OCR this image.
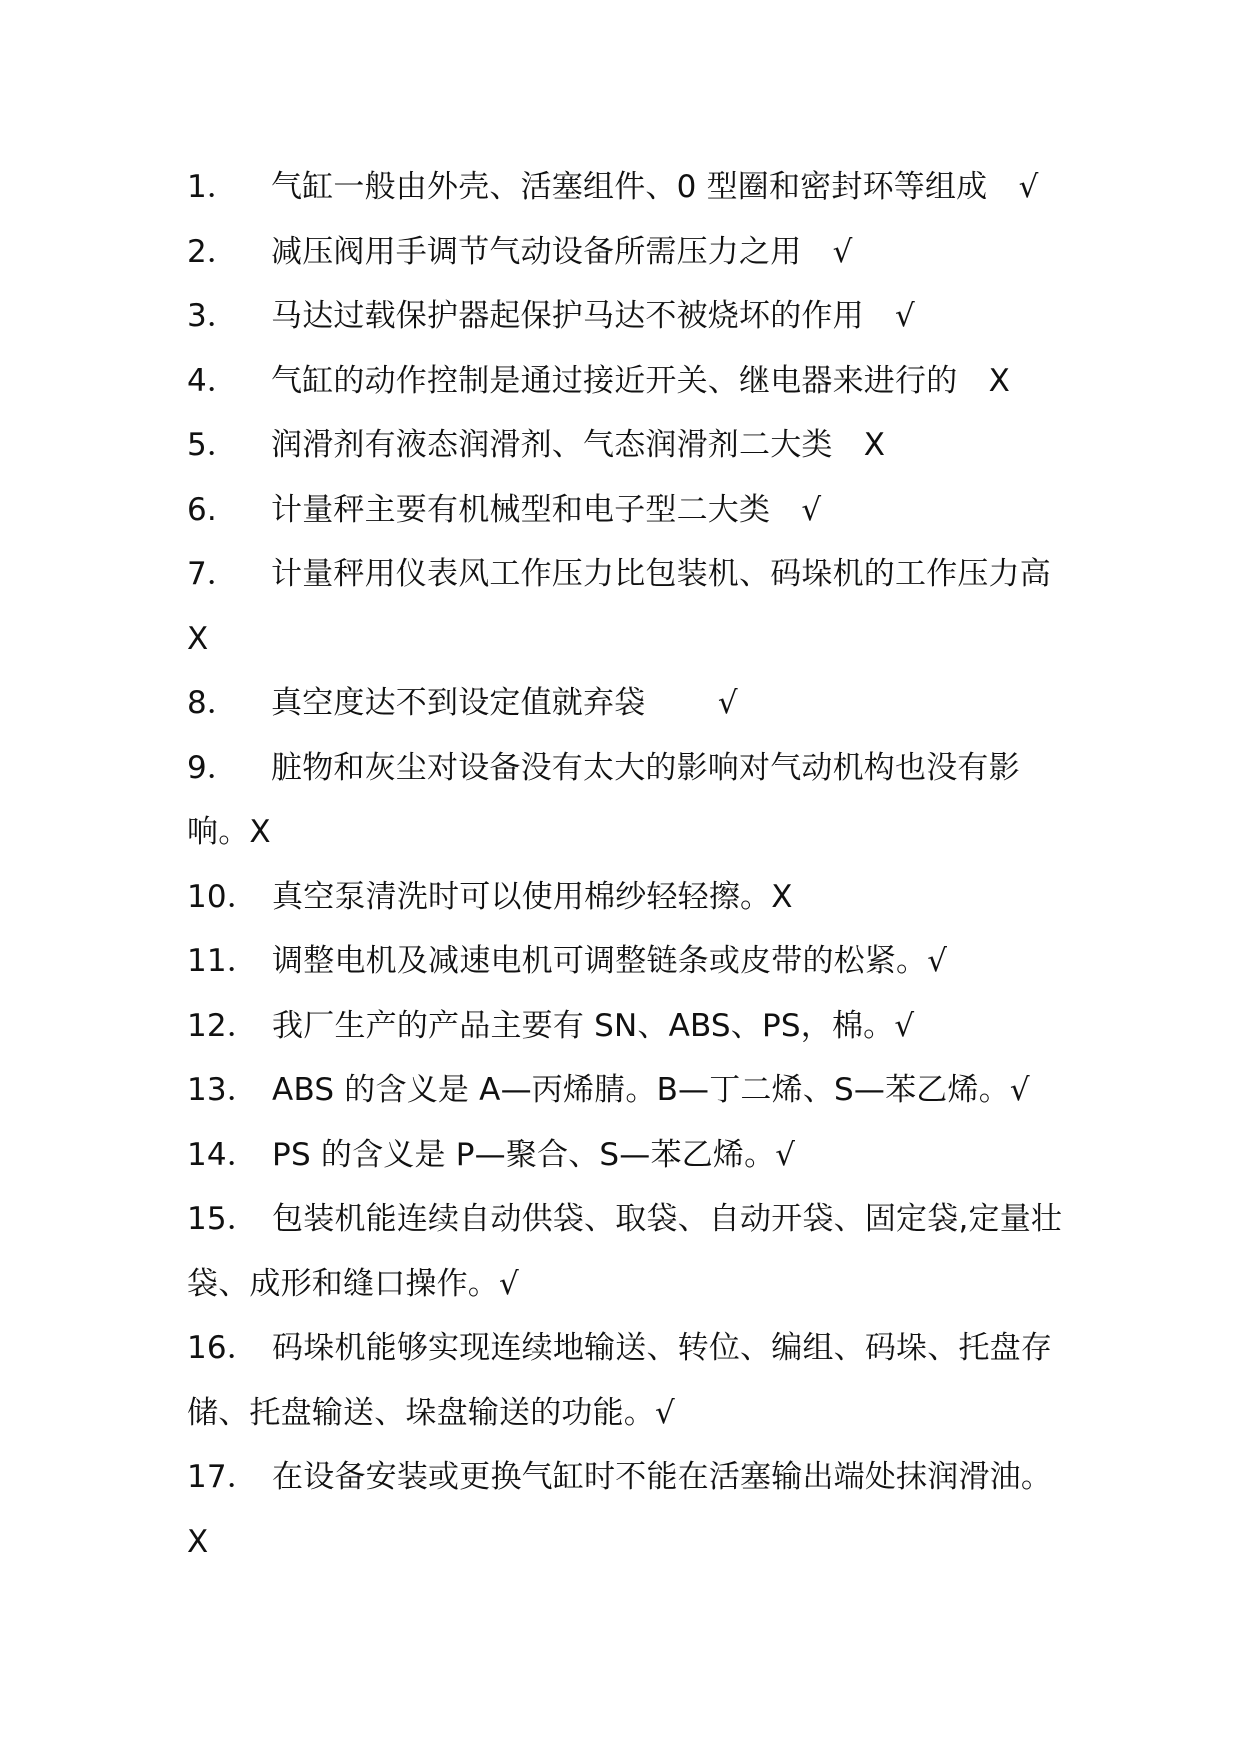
1． 气缸一般由外壳、活塞组件、0 型圈和密封环等组成　√

2． 减压阀用手调节气动设备所需压力之用　√

3． 马达过载保护器起保护马达不被烧坏的作用　√

4． 气缸的动作控制是通过接近开关、继电器来进行的　X

5． 润滑剂有液态润滑剂、气态润滑剂二大类　X

6. 计量秤主要有机械型和电子型二大类　√

7． 计量秤用仪表风工作压力比包装机、码垛机的工作压力高　 X

8． 真空度达不到设定值就弃袋　　 √

9． 脏物和灰尘对设备没有太大的影响对气动机构也没有影响。X

10． 真空泵清洗时可以使用棉纱轻轻擦。X

11． 调整电机及减速电机可调整链条或皮带的松紧。√

12． 我厂生产的产品主要有 SN、ABS、PS，棉。√

13． ABS 的含义是 A—丙烯腈。B—丁二烯、S—苯乙烯。√

14． PS 的含义是 P—聚合、S—苯乙烯。√

15． 包装机能连续自动供袋、取袋、自动开袋、固定袋,定量壮袋、成形和缝口操作。√

16． 码垛机能够实现连续地输送、转位、编组、码垛、托盘存储、托盘输送、垛盘输送的功能。√

17． 在设备安装或更换气缸时不能在活塞输出端处抹润滑油。X
